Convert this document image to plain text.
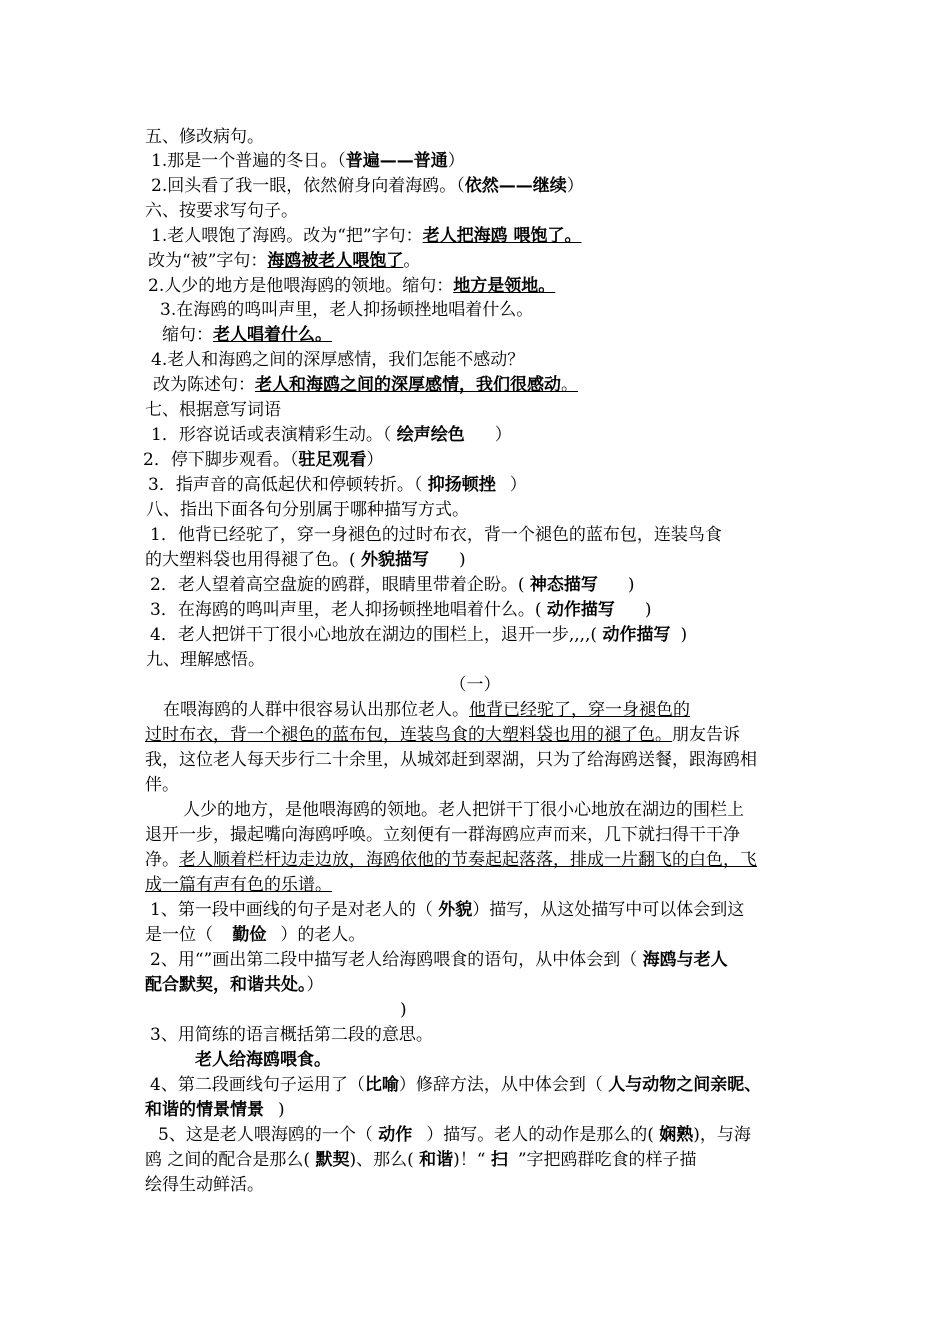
五、修改病句。
1.那是一个普遍的冬日。（普遍——普通）
2.回头看了我一眼，依然俯身向着海鸥。（依然——继续）
六、按要求写句子。
1.老人喂饱了海鸥。改为“把”字句：老人把海鸥 喂饱了。
改为“被”字句：海鸥被老人喂饱了。
2.人少的地方是他喂海鸥的领地。缩句：地方是领地。
3.在海鸥的鸣叫声里，老人抑扬顿挫地唱着什么。
缩句：老人唱着什么。
4.老人和海鸥之间的深厚感情，我们怎能不感动？
改为陈述句：老人和海鸥之间的深厚感情，我们很感动。
七、根据意写词语
1．形容说话或表演精彩生动。（ 绘声绘色 ）
2．停下脚步观看。（驻足观看）
3．指声音的高低起伏和停顿转折。（ 抑扬顿挫 ）
八、指出下面各句分别属于哪种描写方式。
1．他背已经驼了，穿一身褪色的过时布衣，背一个褪色的蓝布包，连装鸟食
的大塑料袋也用得褪了色。( 外貌描写 )
2．老人望着高空盘旋的鸥群，眼睛里带着企盼。( 神态描写 )
3．在海鸥的鸣叫声里，老人抑扬顿挫地唱着什么。( 动作描写 )
4．老人把饼干丁很小心地放在湖边的围栏上，退开一步,,,,( 动作描写 )
九、理解感悟。
（一）
在喂海鸥的人群中很容易认出那位老人。他背已经驼了，穿一身褪色的
过时布衣，背一个褪色的蓝布包，连装鸟食的大塑料袋也用的褪了色。朋友告诉
我，这位老人每天步行二十余里，从城郊赶到翠湖，只为了给海鸥送餐，跟海鸥相
伴。
人少的地方，是他喂海鸥的领地。老人把饼干丁很小心地放在湖边的围栏上
退开一步，撮起嘴向海鸥呼唤。立刻便有一群海鸥应声而来，几下就扫得干干净
净。老人顺着栏杆边走边放，海鸥依他的节奏起起落落，排成一片翻飞的白色，飞
成一篇有声有色的乐谱。
1、第一段中画线的句子是对老人的（ 外貌）描写，从这处描写中可以体会到这
是一位（ 勤俭 ）的老人。
2、用“”画出第二段中描写老人给海鸥喂食的语句，从中体会到（ 海鸥与老人
配合默契，和谐共处。）
)
3、用简练的语言概括第二段的意思。
老人给海鸥喂食。
4、第二段画线句子运用了（比喻）修辞方法，从中体会到（ 人与动物之间亲昵、
和谐的情景情景 )
5、这是老人喂海鸥的一个（ 动作 ）描写。老人的动作是那么的( 娴熟)，与海
鸥 之间的配合是那么( 默契)、那么( 和谐)！“ 扫 ”字把鸥群吃食的样子描
绘得生动鲜活。
